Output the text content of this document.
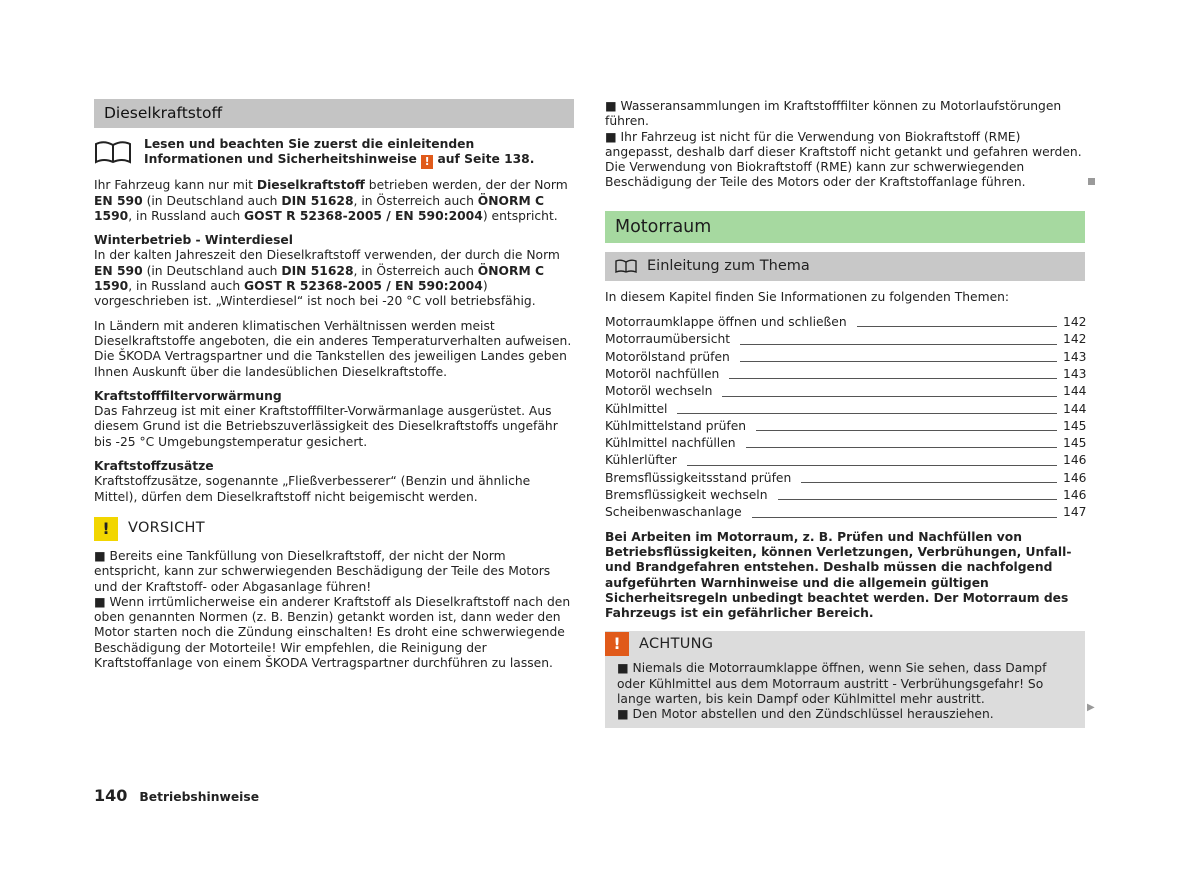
Dieselkraftstoff
Lesen und beachten Sie zuerst die einleitenden Informationen und Sicherheitshinweise ! auf Seite 138.

Ihr Fahrzeug kann nur mit Dieselkraftstoff betrieben werden, der der Norm EN 590 (in Deutschland auch DIN 51628, in Österreich auch ÖNORM C 1590, in Russland auch GOST R 52368-2005 / EN 590:2004) entspricht.

Winterbetrieb - Winterdiesel

In der kalten Jahreszeit den Dieselkraftstoff verwenden, der durch die Norm EN 590 (in Deutschland auch DIN 51628, in Österreich auch ÖNORM C 1590, in Russland auch GOST R 52368-2005 / EN 590:2004) vorgeschrieben ist. „Winterdiesel“ ist noch bei -20 °C voll betriebsfähig.

In Ländern mit anderen klimatischen Verhältnissen werden meist Dieselkraftstoffe angeboten, die ein anderes Temperaturverhalten aufweisen. Die ŠKODA Vertragspartner und die Tankstellen des jeweiligen Landes geben Ihnen Auskunft über die landesüblichen Dieselkraftstoffe.

Kraftstofffiltervorwärmung

Das Fahrzeug ist mit einer Kraftstofffilter-Vorwärmanlage ausgerüstet. Aus diesem Grund ist die Betriebszuverlässigkeit des Dieselkraftstoffs ungefähr bis -25 °C Umgebungstemperatur gesichert.

Kraftstoffzusätze

Kraftstoffzusätze, sogenannte „Fließverbesserer“ (Benzin und ähnliche Mittel), dürfen dem Dieselkraftstoff nicht beigemischt werden.

!	VORSICHT

■ Bereits eine Tankfüllung von Dieselkraftstoff, der nicht der Norm entspricht, kann zur schwerwiegenden Beschädigung der Teile des Motors und der Kraftstoff- oder Abgasanlage führen!

■ Wenn irrtümlicherweise ein anderer Kraftstoff als Dieselkraftstoff nach den oben genannten Normen (z. B. Benzin) getankt worden ist, dann weder den Motor starten noch die Zündung einschalten! Es droht eine schwerwiegende Beschädigung der Motorteile! Wir empfehlen, die Reinigung der Kraftstoffanlage von einem ŠKODA Vertragspartner durchführen zu lassen.

■ Wasseransammlungen im Kraftstofffilter können zu Motorlaufstörungen führen.

■ Ihr Fahrzeug ist nicht für die Verwendung von Biokraftstoff (RME) angepasst, deshalb darf dieser Kraftstoff nicht getankt und gefahren werden. Die Verwendung von Biokraftstoff (RME) kann zur schwerwiegenden Beschädigung der Teile des Motors oder der Kraftstoffanlage führen.

Motorraum
Einleitung zum Thema

In diesem Kapitel finden Sie Informationen zu folgenden Themen:

Motorraumklappe öffnen und schließen	142
Motorraumübersicht	142
Motorölstand prüfen	143
Motoröl nachfüllen	143
Motoröl wechseln	144
Kühlmittel	144
Kühlmittelstand prüfen	145
Kühlmittel nachfüllen	145
Kühlerlüfter	146
Bremsflüssigkeitsstand prüfen	146
Bremsflüssigkeit wechseln	146
Scheibenwaschanlage	147

Bei Arbeiten im Motorraum, z. B. Prüfen und Nachfüllen von Betriebsflüssigkeiten, können Verletzungen, Verbrühungen, Unfall- und Brandgefahren entstehen. Deshalb müssen die nachfolgend aufgeführten Warnhinweise und die allgemein gültigen Sicherheitsregeln unbedingt beachtet werden. Der Motorraum des Fahrzeugs ist ein gefährlicher Bereich.

!	ACHTUNG

■ Niemals die Motorraumklappe öffnen, wenn Sie sehen, dass Dampf oder Kühlmittel aus dem Motorraum austritt - Verbrühungsgefahr! So lange warten, bis kein Dampf oder Kühlmittel mehr austritt.

■ Den Motor abstellen und den Zündschlüssel herausziehen.	▶
140 Betriebshinweise
